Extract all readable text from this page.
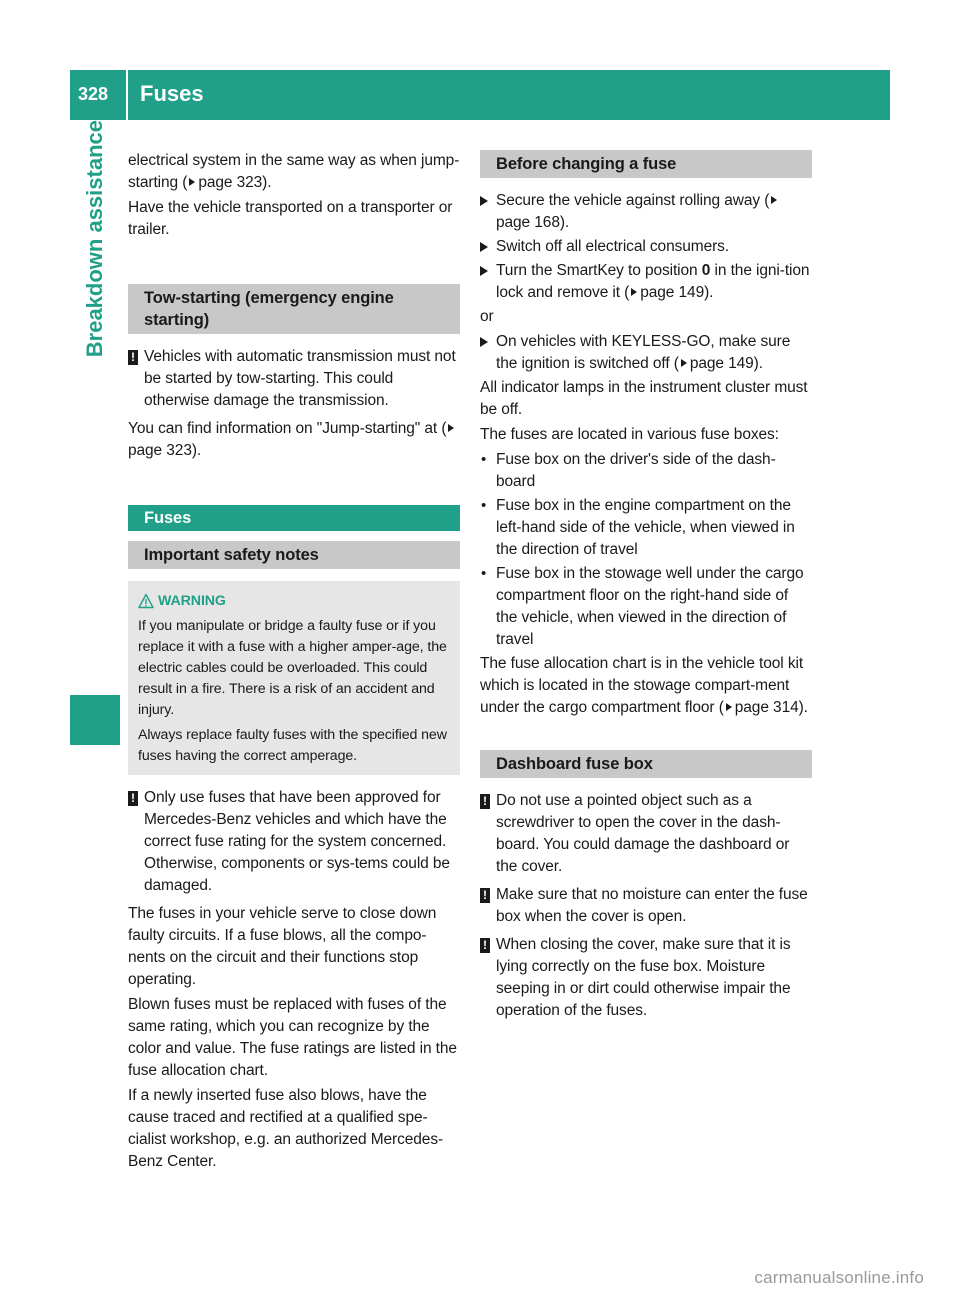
328	Fuses
Breakdown assistance	electrical system in the same way as when jump-starting ( page 323).
Have the vehicle transported on a transporter or trailer.
Tow-starting (emergency engine starting)
! Vehicles with automatic transmission must not be started by tow-starting. This could otherwise damage the transmission.
You can find information on "Jump-starting" at (page 323).
Fuses
Important safety notes
WARNING
If you manipulate or bridge a faulty fuse or if you replace it with a fuse with a higher amper-age, the electric cables could be overloaded. This could result in a fire. There is a risk of an accident and injury.
Always replace faulty fuses with the specified new fuses having the correct amperage.
! Only use fuses that have been approved for Mercedes-Benz vehicles and which have the correct fuse rating for the system concerned. Otherwise, components or sys-tems could be damaged.
The fuses in your vehicle serve to close down faulty circuits. If a fuse blows, all the compo-nents on the circuit and their functions stop operating.
Blown fuses must be replaced with fuses of the same rating, which you can recognize by the color and value. The fuse ratings are listed in the fuse allocation chart.
If a newly inserted fuse also blows, have the cause traced and rectified at a qualified spe-cialist workshop, e.g. an authorized Mercedes-Benz Center.
Before changing a fuse
Secure the vehicle against rolling away (page 168).
Switch off all electrical consumers.
Turn the SmartKey to position 0 in the igni-tion lock and remove it ( page 149).
or
On vehicles with KEYLESS-GO, make sure the ignition is switched off ( page 149).
All indicator lamps in the instrument cluster must be off.
The fuses are located in various fuse boxes:
• Fuse box on the driver's side of the dash-board
• Fuse box in the engine compartment on the left-hand side of the vehicle, when viewed in the direction of travel
• Fuse box in the stowage well under the cargo compartment floor on the right-hand side of the vehicle, when viewed in the direction of travel
The fuse allocation chart is in the vehicle tool kit which is located in the stowage compart-ment under the cargo compartment floor ( page 314).
Dashboard fuse box
! Do not use a pointed object such as a screwdriver to open the cover in the dash-board. You could damage the dashboard or the cover.
! Make sure that no moisture can enter the fuse box when the cover is open.
! When closing the cover, make sure that it is lying correctly on the fuse box. Moisture seeping in or dirt could otherwise impair the operation of the fuses.
carmanualsonline.info
